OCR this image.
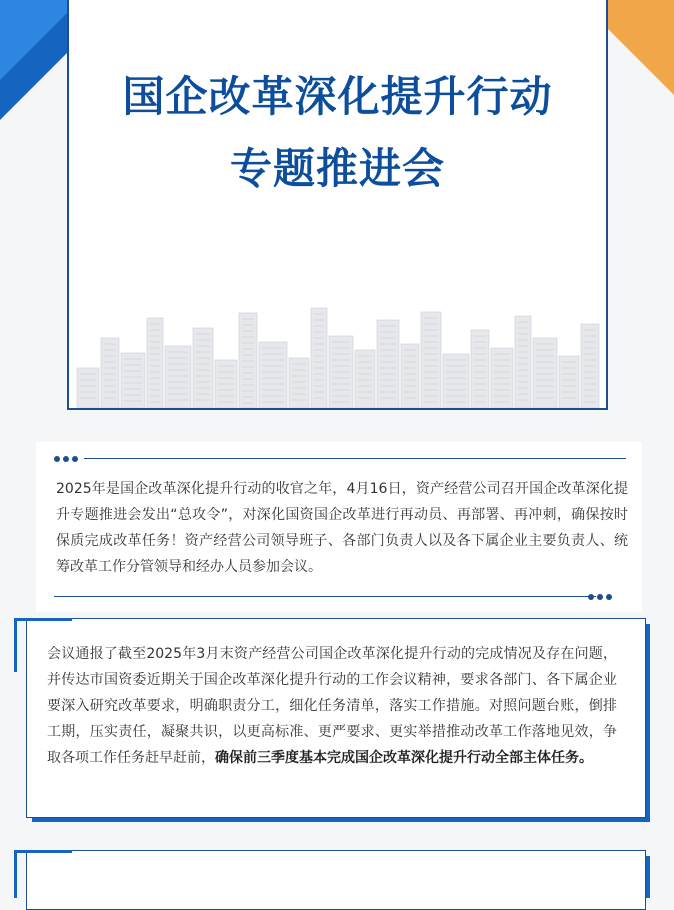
国企改革深化提升行动
专题推进会

2025年是国企改革深化提升行动的收官之年，4月16日，资产经营公司召开国企改革深化提升专题推进会发出“总攻令”，对深化国资国企改革进行再动员、再部署、再冲刺，确保按时保质完成改革任务！资产经营公司领导班子、各部门负责人以及各下属企业主要负责人、统筹改革工作分管领导和经办人员参加会议。

会议通报了截至2025年3月末资产经营公司国企改革深化提升行动的完成情况及存在问题，并传达市国资委近期关于国企改革深化提升行动的工作会议精神，要求各部门、各下属企业要深入研究改革要求，明确职责分工，细化任务清单，落实工作措施。对照问题台账，倒排工期，压实责任，凝聚共识，以更高标准、更严要求、更实举措推动改革工作落地见效，争取各项工作任务赶早赶前，确保前三季度基本完成国企改革深化提升行动全部主体任务。
